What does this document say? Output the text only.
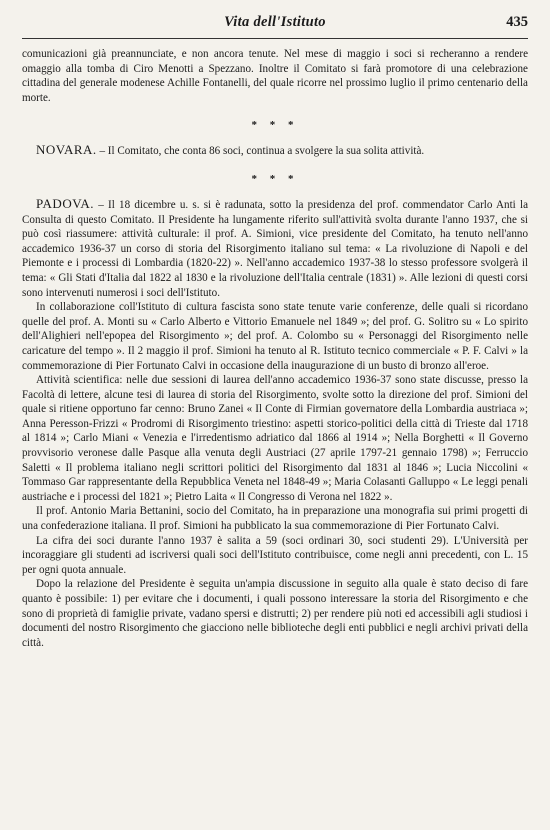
Vita dell'Istituto	435

comunicazioni già preannunciate, e non ancora tenute. Nel mese di maggio i soci si recheranno a rendere omaggio alla tomba di Ciro Menotti a Spezzano. Inoltre il Comitato si farà promotore di una celebrazione cittadina del generale modenese Achille Fontanelli, del quale ricorre nel prossimo luglio il primo centenario della morte.

* * *

NOVARA. – Il Comitato, che conta 86 soci, continua a svolgere la sua solita attività.

* * *

PADOVA. – Il 18 dicembre u. s. si è radunata, sotto la presidenza del prof. commendator Carlo Anti la Consulta di questo Comitato. Il Presidente ha lungamente riferito sull'attività svolta durante l'anno 1937, che si può così riassumere: attività culturale: il prof. A. Simioni, vice presidente del Comitato, ha tenuto nell'anno accademico 1936-37 un corso di storia del Risorgimento italiano sul tema: « La rivoluzione di Napoli e del Piemonte e i processi di Lombardia (1820-22) ». Nell'anno accademico 1937-38 lo stesso professore svolgerà il tema: « Gli Stati d'Italia dal 1822 al 1830 e la rivoluzione dell'Italia centrale (1831) ». Alle lezioni di questi corsi sono intervenuti numerosi i soci dell'Istituto.

In collaborazione coll'Istituto di cultura fascista sono state tenute varie conferenze, delle quali si ricordano quelle del prof. A. Monti su « Carlo Alberto e Vittorio Emanuele nel 1849 »; del prof. G. Solitro su « Lo spirito dell'Alighieri nell'epopea del Risorgimento »; del prof. A. Colombo su « Personaggi del Risorgimento nelle caricature del tempo ». Il 2 maggio il prof. Simioni ha tenuto al R. Istituto tecnico commerciale « P. F. Calvi » la commemorazione di Pier Fortunato Calvi in occasione della inaugurazione di un busto di bronzo all'eroe.

Attività scientifica: nelle due sessioni di laurea dell'anno accademico 1936-37 sono state discusse, presso la Facoltà di lettere, alcune tesi di laurea di storia del Risorgimento, svolte sotto la direzione del prof. Simioni del quale si ritiene opportuno far cenno: Bruno Zanei « Il Conte di Firmian governatore della Lombardia austriaca »; Anna Peresson-Frizzi « Prodromi di Risorgimento triestino: aspetti storico-politici della città di Trieste dal 1718 al 1814 »; Carlo Miani « Venezia e l'irredentismo adriatico dal 1866 al 1914 »; Nella Borghetti « Il Governo provvisorio veronese dalle Pasque alla venuta degli Austriaci (27 aprile 1797-21 gennaio 1798) »; Ferruccio Saletti « Il problema italiano negli scrittori politici del Risorgimento dal 1831 al 1846 »; Lucia Niccolini « Tommaso Gar rappresentante della Repubblica Veneta nel 1848-49 »; Maria Colasanti Galluppo « Le leggi penali austriache e i processi del 1821 »; Pietro Laita « Il Congresso di Verona nel 1822 ».

Il prof. Antonio Maria Bettanini, socio del Comitato, ha in preparazione una monografia sui primi progetti di una confederazione italiana. Il prof. Simioni ha pubblicato la sua commemorazione di Pier Fortunato Calvi.

La cifra dei soci durante l'anno 1937 è salita a 59 (soci ordinari 30, soci studenti 29). L'Università per incoraggiare gli studenti ad iscriversi quali soci dell'Istituto contribuisce, come negli anni precedenti, con L. 15 per ogni quota annuale.

Dopo la relazione del Presidente è seguita un'ampia discussione in seguito alla quale è stato deciso di fare quanto è possibile: 1) per evitare che i documenti, i quali possono interessare la storia del Risorgimento e che sono di proprietà di famiglie private, vadano spersi e distrutti; 2) per rendere più noti ed accessibili agli studiosi i documenti del nostro Risorgimento che giacciono nelle biblioteche degli enti pubblici e negli archivi privati della città.
